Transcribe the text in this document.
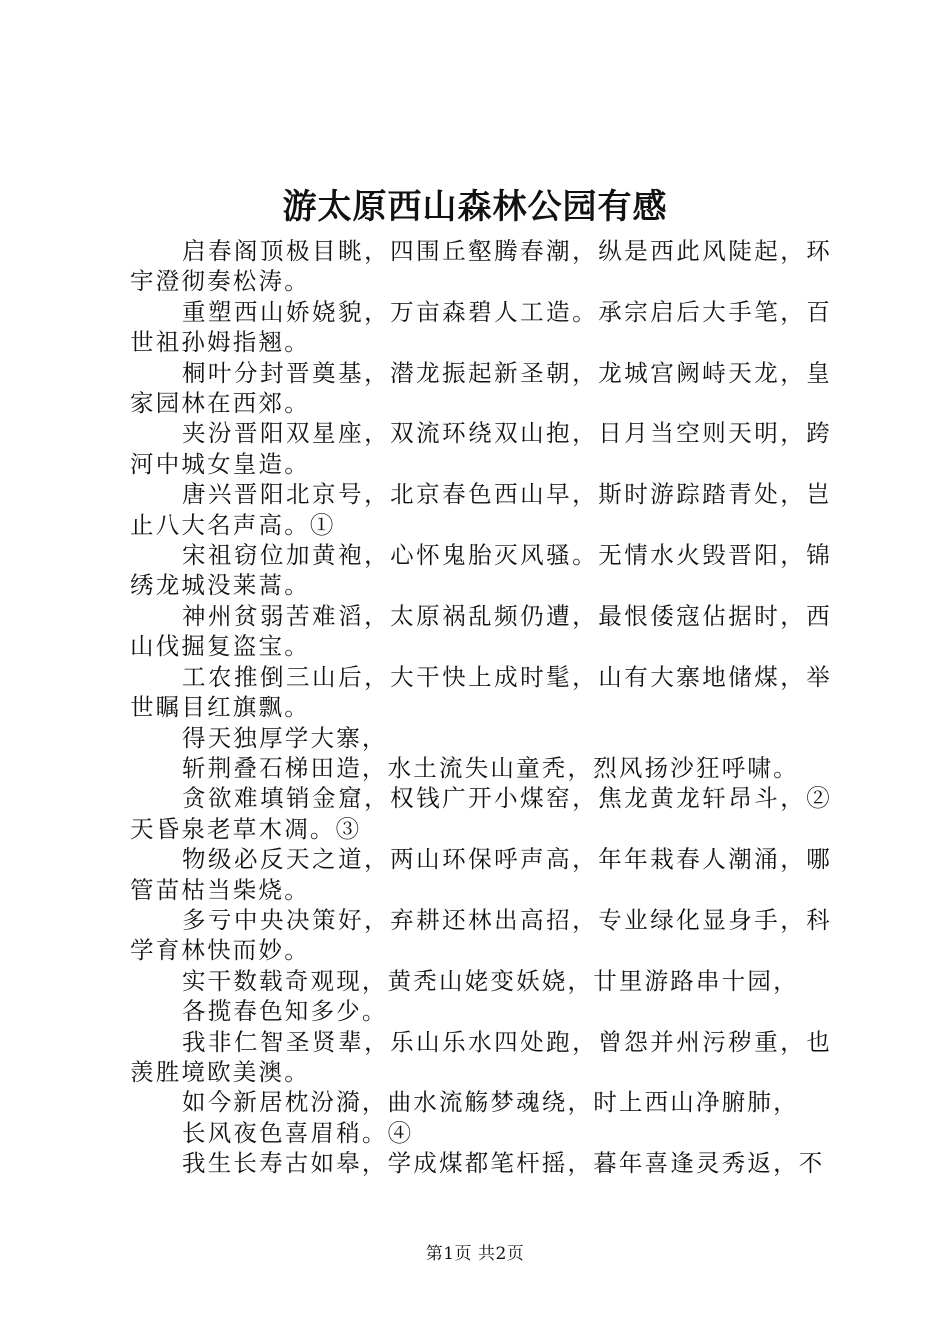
游太原西山森林公园有感

启春阁顶极目眺，四围丘壑腾春潮，纵是西此风陡起，环宇澄彻奏松涛。

重塑西山娇娆貌，万亩森碧人工造。承宗启后大手笔，百世祖孙姆指翘。

桐叶分封晋奠基，潜龙振起新圣朝，龙城宫阙峙天龙，皇家园林在西郊。

夹汾晋阳双星座，双流环绕双山抱，日月当空则天明，跨河中城女皇造。

唐兴晋阳北京号，北京春色西山早，斯时游踪踏青处，岂止八大名声高。①

宋祖窃位加黄袍，心怀鬼胎灭风骚。无情水火毁晋阳，锦绣龙城没莱蒿。

神州贫弱苦难滔，太原祸乱频仍遭，最恨倭寇佔据时，西山伐掘复盗宝。

工农推倒三山后，大干快上成时髦，山有大寨地储煤，举世瞩目红旗飘。

得天独厚学大寨，

斩荆叠石梯田造，水土流失山童秃，烈风扬沙狂呼啸。

贪欲难填销金窟，权钱广开小煤窑，焦龙黄龙轩昂斗，②天昏泉老草木凋。③

物级必反天之道，两山环保呼声高，年年栽春人潮涌，哪管苗枯当柴烧。

多亏中央决策好，弃耕还林出高招，专业绿化显身手，科学育林快而妙。

实干数载奇观现，黄秃山姥变妖娆，廿里游路串十园，

各揽春色知多少。

我非仁智圣贤辈，乐山乐水四处跑，曾怨并州污秽重，也羡胜境欧美澳。

如今新居枕汾漪，曲水流觞梦魂绕，时上西山净腑肺，

长风夜色喜眉稍。④

我生长寿古如皋，学成煤都笔杆摇，暮年喜逢灵秀返，不

第1页 共2页
